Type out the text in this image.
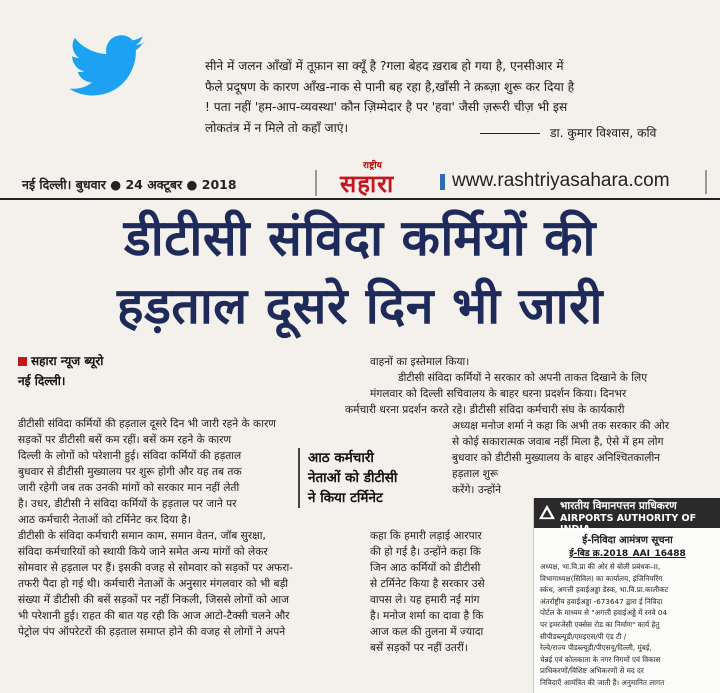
सीने में जलन आँखों में तूफ़ान सा क्यूँ है ?गला बेहद ख़राब हो गया है, एनसीआर में
फैले प्रदूषण के कारण आँख-नाक से पानी बह रहा है,खाँसी ने क़ब्ज़ा शुरू कर दिया है
! पता नहीं 'हम-आप-व्यवस्था' कौन ज़िम्मेदार है पर 'हवा' जैसी ज़रूरी चीज़ भी इस
लोकतंत्र में न मिले तो कहाँ जाएं।	डा. कुमार विश्वास, कवि
नई दिल्ली। बुधवार ● 24 अक्टूबर ● 2018
राष्ट्रीय
सहारा	www.rashtriyasahara.com
डीटीसी संविदा कर्मियों की
हड़ताल दूसरे दिन भी जारी
सहारा न्यूज ब्यूरो
नई दिल्ली।
डीटीसी संविदा कर्मियों की हड़ताल दूसरे दिन भी जारी रहने के कारण
सड़कों पर डीटीसी बसें कम रहीं। बसें कम रहने के कारण
दिल्ली के लोगों को परेशानी हुई। संविदा कर्मियों की हड़ताल
बुधवार से डीटीसी मुख्यालय पर शुरू होगी और यह तब तक
जारी रहेगी जब तक उनकी मांगों को सरकार मान नहीं लेती
है। उधर, डीटीसी ने संविदा कर्मियों के हड़ताल पर जाने पर
आठ कर्मचारी नेताओं को टर्मिनेट कर दिया है।
डीटीसी के संविदा कर्मचारी समान काम, समान वेतन, जॉब सुरक्षा,
संविदा कर्मचारियों को स्थायी किये जाने समेत अन्य मांगों को लेकर
सोमवार से हड़ताल पर हैं। इसकी वजह से सोमवार को सड़कों पर अफरा-
तफरी पैदा हो गई थी। कर्मचारी नेताओं के अनुसार मंगलवार को भी बड़ी
संख्या में डीटीसी की बसें सड़कों पर नहीं निकली, जिससे लोगों को आज
भी परेशानी हुई। राहत की बात यह रही कि आज आटो-टैक्सी चलने और
पेट्रोल पंप ऑपरेटरों की हड़ताल समाप्त होने की वजह से लोगों ने अपने
आठ कर्मचारी
नेताओं को डीटीसी
ने किया टर्मिनेट
कहा कि हमारी लड़ाई आरपार
की हो गई है। उन्होंने कहा कि
जिन आठ कर्मियों को डीटीसी
से टर्मिनेट किया है सरकार उसे
वापस ले। यह हमारी नई मांग
है। मनोज शर्मा का दावा है कि
आज कल की तुलना में ज्यादा
बसें सड़कों पर नहीं उतरीं।
वाहनों का इस्तेमाल किया।
डीटीसी संविदा कर्मियों ने सरकार को अपनी ताकत दिखाने के लिए
मंगलवार को दिल्ली सचिवालय के बाहर धरना प्रदर्शन किया। दिनभर
कर्मचारी धरना प्रदर्शन करते रहे। डीटीसी संविदा कर्मचारी संघ के कार्यकारी
अध्यक्ष मनोज शर्मा ने कहा कि अभी तक सरकार की ओर
से कोई सकारात्मक जवाब नहीं मिला है, ऐसे में हम लोग
बुधवार को डीटीसी मुख्यालय के बाहर अनिश्चितकालीन
हड़ताल शुरू
करेंगे। उन्होंने
भारतीय विमानपत्तन प्राधिकरण
AIRPORTS AUTHORITY OF INDIA
ई-निविदा आमंत्रण सूचना
ई-बिड क्र.2018_AAI_16488
अध्यक्ष, भा.वि.प्रा की ओर से बोली प्रबंधक–II,
विभागाध्यक्ष(सिविल) का कार्यालय, इंजिनियरिंग
स्कंध, अगत्ती हवाईअड्डा डेस्क, भा.वि.प्रा.कालीकट
अंतर्राष्ट्रीय हवाईअड्डा -673647 द्वारा ई निविदा
पोर्टल के माध्यम से "अगत्ती हवाईअड्डे में रनवे 04
पर इमरजेंसी एक्सेस रोड का निर्माण" कार्य हेतु
सीपीडब्ल्यूडी/एमइएस/पी एंड टी /
रेल्वे/राज्य पीडब्ल्यूडी/पीएसयू/दिल्ली, मुंबई,
चेन्नई एवं कोलकाता के नगर निगमों एवं विकास
प्राधिकरणों/विशिष्ट अभिकरणों से मद दर
निविदाएँ आमंत्रित की जाती हैं। अनुमानित लागत
